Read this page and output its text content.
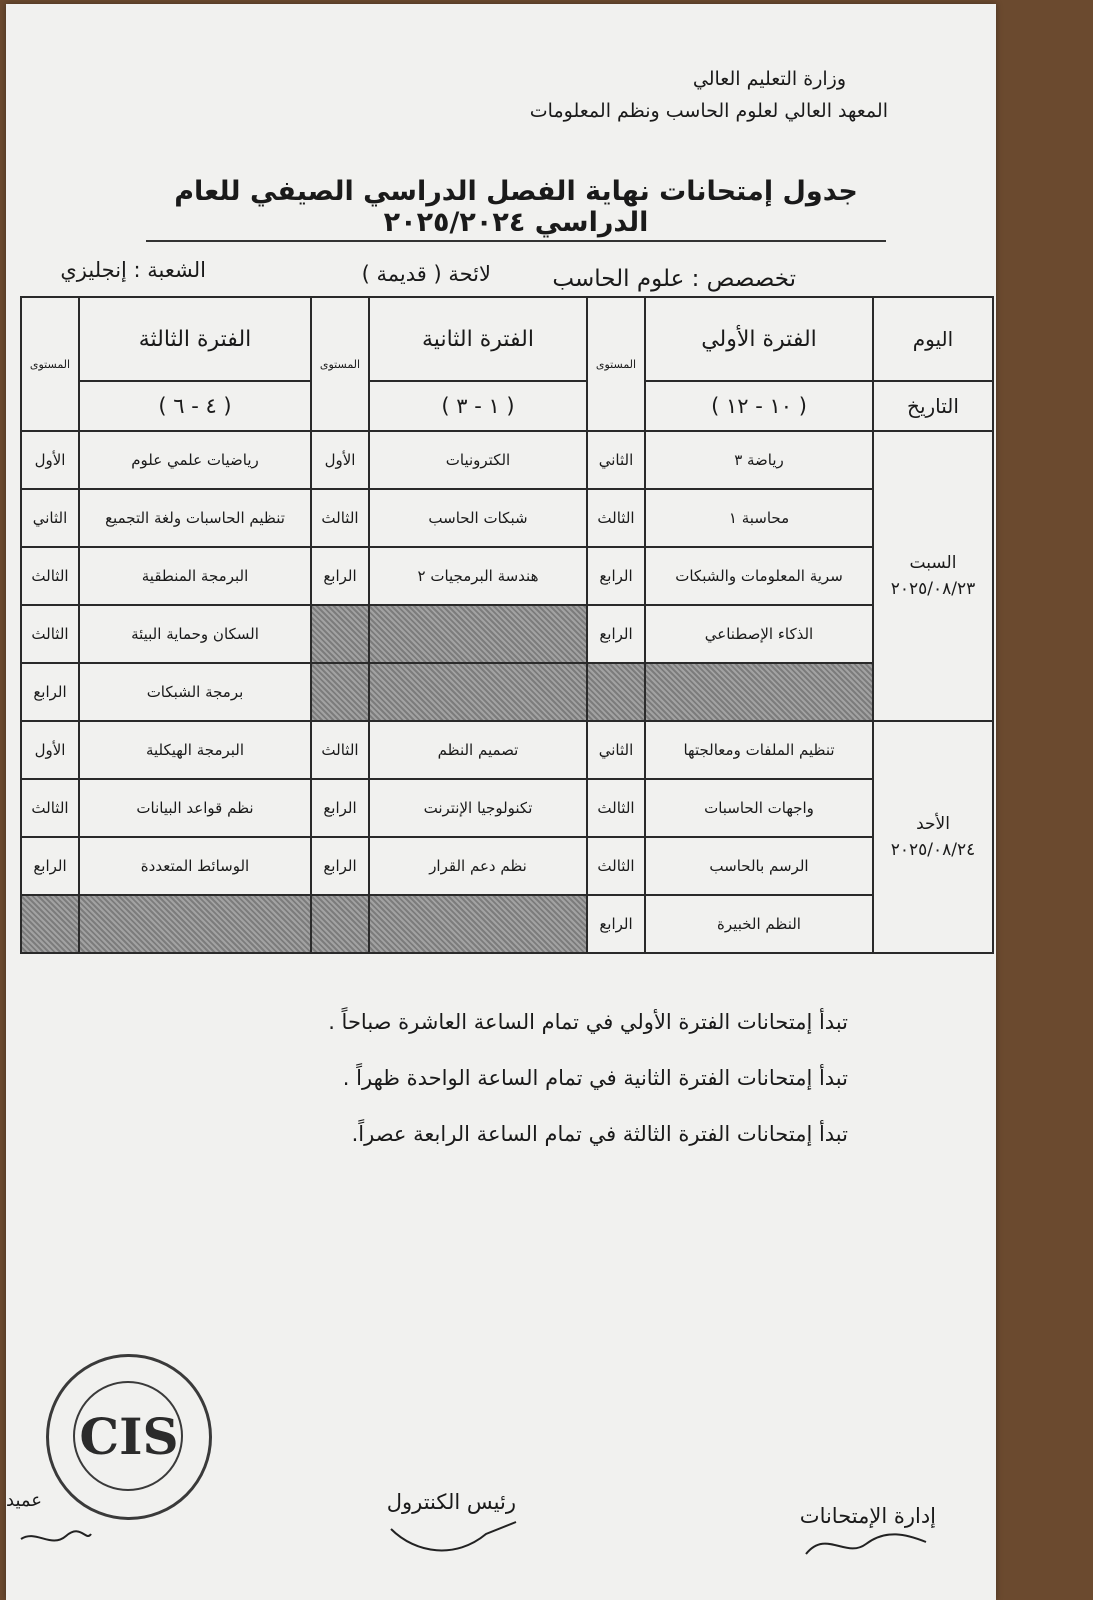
وزارة التعليم العالي
المعهد العالي لعلوم الحاسب ونظم المعلومات
جدول إمتحانات نهاية الفصل الدراسي الصيفي للعام الدراسي ٢٠٢٥/٢٠٢٤
تخصصص : علوم الحاسب
لائحة ( قديمة )
الشعبة : إنجليزي
اليوم	الفترة الأولي	المستوى	الفترة الثانية	المستوى	الفترة الثالثة	المستوى
التاريخ	( ١٠ - ١٢ )		( ١ - ٣ )		( ٤ - ٦ )	

السبت
٢٠٢٥/٠٨/٢٣	رياضة ٣	الثاني	الكترونيات	الأول	رياضيات علمي علوم	الأول
	محاسبة ١	الثالث	شبكات الحاسب	الثالث	تنظيم الحاسبات ولغة التجميع	الثاني
	سرية المعلومات والشبكات	الرابع	هندسة البرمجيات ٢	الرابع	البرمجة المنطقية	الثالث
	الذكاء الإصطناعي	الرابع			السكان وحماية البيئة	الثالث
					برمجة الشبكات	الرابع

الأحد
٢٠٢٥/٠٨/٢٤	تنظيم الملفات ومعالجتها	الثاني	تصميم النظم	الثالث	البرمجة الهيكلية	الأول
	واجهات الحاسبات	الثالث	تكنولوجيا الإنترنت	الرابع	نظم قواعد البيانات	الثالث
	الرسم بالحاسب	الثالث	نظم دعم القرار	الرابع	الوسائط المتعددة	الرابع
	النظم الخبيرة	الرابع				
تبدأ إمتحانات الفترة الأولي في تمام الساعة العاشرة صباحاً .
تبدأ إمتحانات الفترة الثانية في تمام الساعة الواحدة ظهراً .
تبدأ إمتحانات الفترة الثالثة في تمام الساعة الرابعة عصراً.
CIS
إدارة الإمتحانات
رئيس الكنترول
عميد
